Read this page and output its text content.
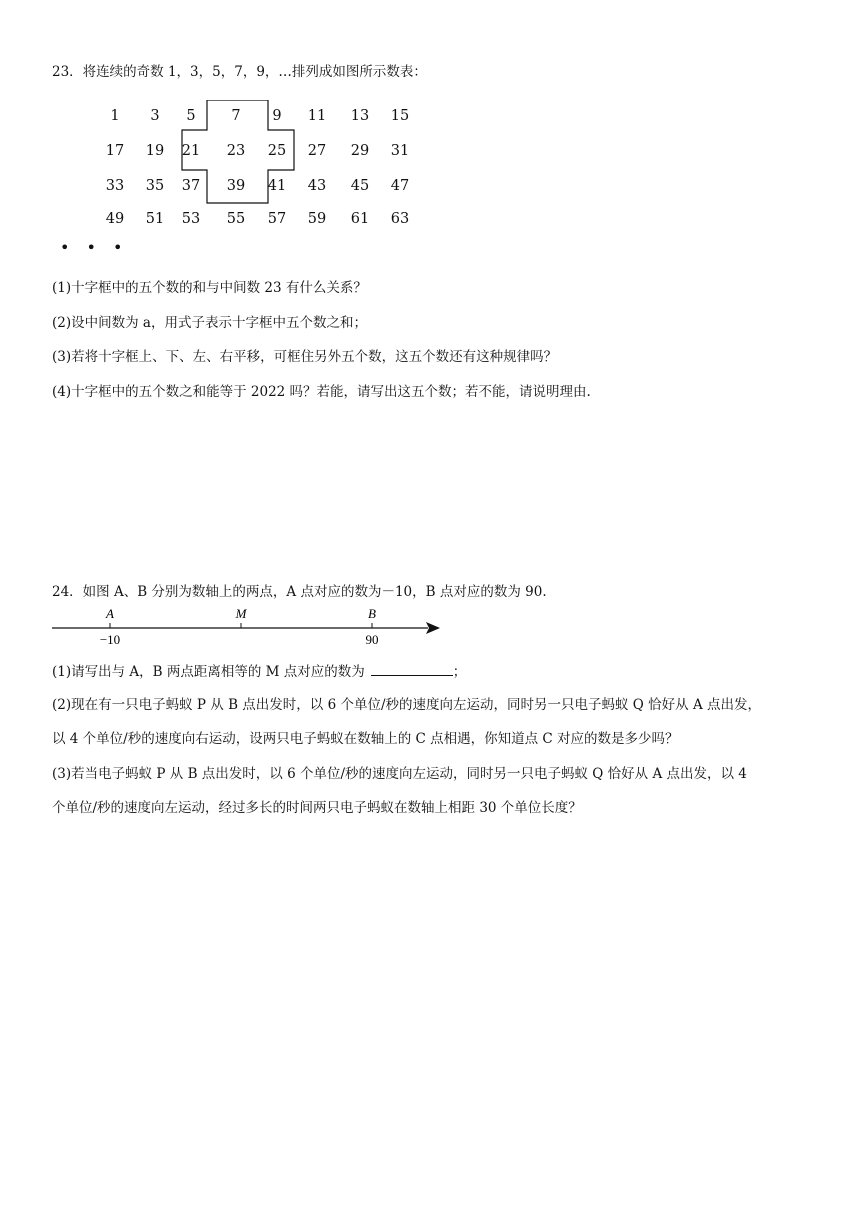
23．将连续的奇数 1，3，5，7，9，…排列成如图所示数表：
1	3	5	7	9	11	13	15
17	19	21	23	25	27	29	31
33	35	37	39	41	43	45	47
49	51	53	55	57	59	61	63
• • •
(1)十字框中的五个数的和与中间数 23 有什么关系？
(2)设中间数为 a，用式子表示十字框中五个数之和；
(3)若将十字框上、下、左、右平移，可框住另外五个数，这五个数还有这种规律吗？
(4)十字框中的五个数之和能等于 2022 吗？若能，请写出这五个数；若不能，请说明理由.
24．如图 A、B 分别为数轴上的两点，A 点对应的数为－10，B 点对应的数为 90.
A	M	B
−10	90
(1)请写出与 A，B 两点距离相等的 M 点对应的数为	；
(2)现在有一只电子蚂蚁 P 从 B 点出发时，以 6 个单位/秒的速度向左运动，同时另一只电子蚂蚁 Q 恰好从 A 点出发，
以 4 个单位/秒的速度向右运动，设两只电子蚂蚁在数轴上的 C 点相遇，你知道点 C 对应的数是多少吗？
(3)若当电子蚂蚁 P 从 B 点出发时，以 6 个单位/秒的速度向左运动，同时另一只电子蚂蚁 Q 恰好从 A 点出发，以 4
个单位/秒的速度向左运动，经过多长的时间两只电子蚂蚁在数轴上相距 30 个单位长度？
